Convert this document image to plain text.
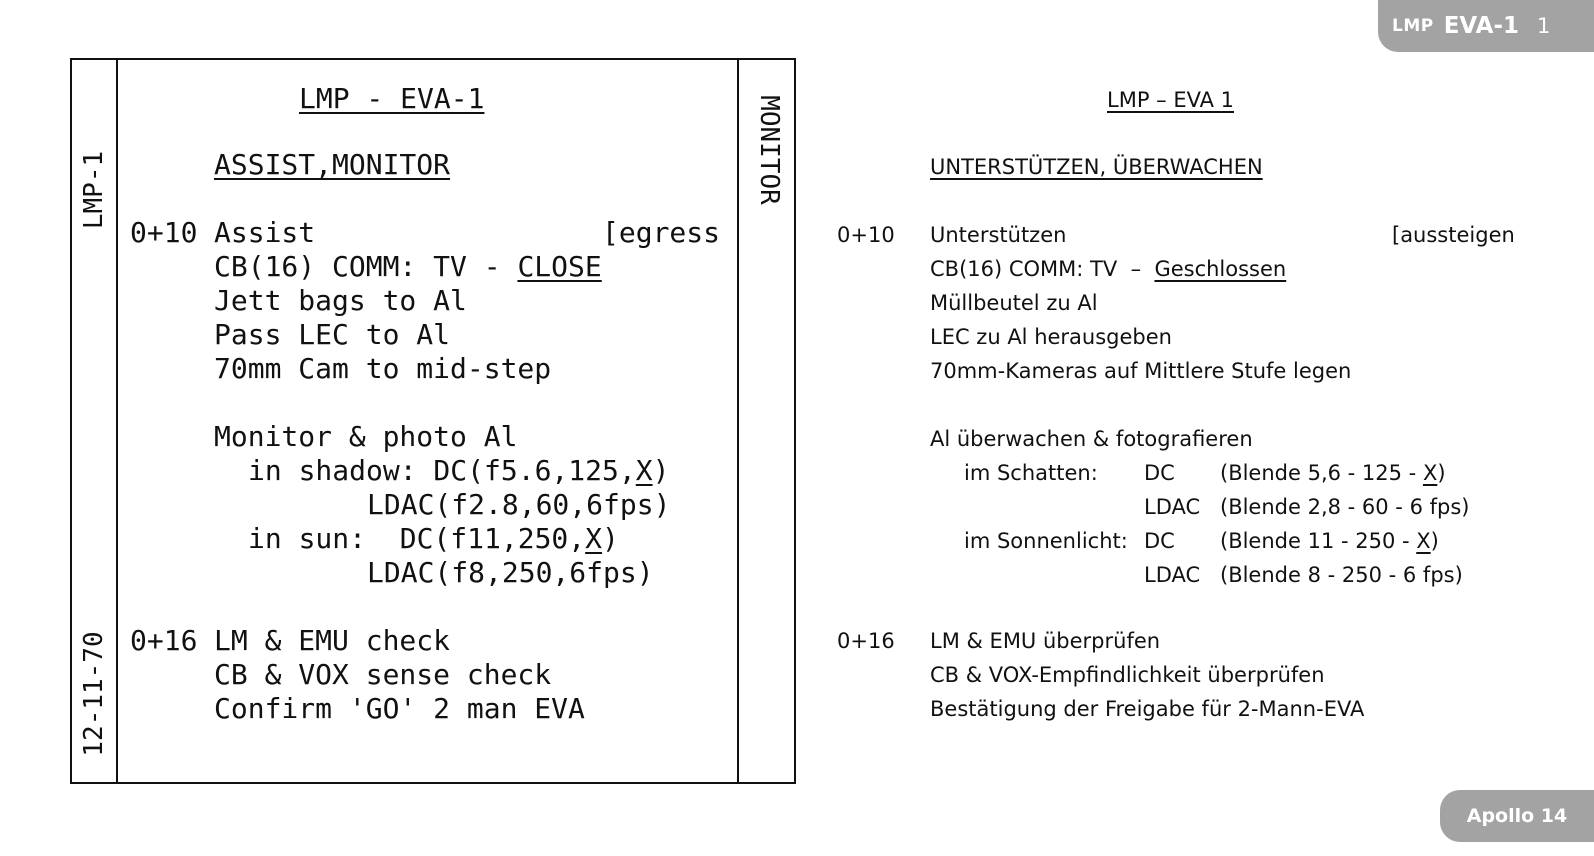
LMP EVA-1 1
LMP-1
12-11-70
MONITOR
LMP - EVA-1
ASSIST,MONITOR
0+10 Assist	[egress
CB(16) COMM: TV - CLOSE
Jett bags to Al
Pass LEC to Al
70mm Cam to mid-step
Monitor & photo Al
in shadow: DC(f5.6,125,X)
LDAC(f2.8,60,6fps)
in sun:  DC(f11,250,X)
LDAC(f8,250,6fps)
0+16 LM & EMU check
CB & VOX sense check
Confirm 'GO' 2 man EVA
LMP – EVA 1
UNTERSTÜTZEN, ÜBERWACHEN
0+10 Unterstützen	[aussteigen
CB(16) COMM: TV  –  Geschlossen
Müllbeutel zu Al
LEC zu Al herausgeben
70mm-Kameras auf Mittlere Stufe legen
Al überwachen & fotografieren
im Schatten: DC (Blende 5,6 - 125 - X)
LDAC (Blende 2,8 - 60 - 6 fps)
im Sonnenlicht: DC (Blende 11 - 250 - X)
LDAC (Blende 8 - 250 - 6 fps)
0+16 LM & EMU überprüfen
CB & VOX-Empfindlichkeit überprüfen
Bestätigung der Freigabe für 2-Mann-EVA
Apollo 14
